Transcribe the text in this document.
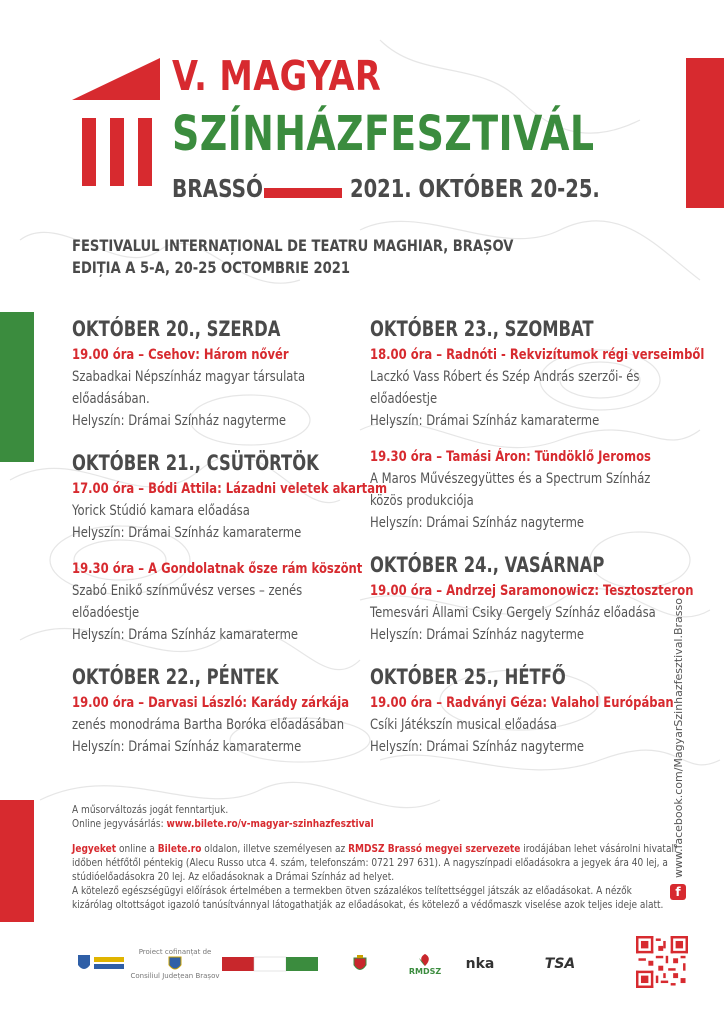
V. MAGYAR
SZÍNHÁZFESZTIVÁL
BRASSÓ	2021. OKTÓBER 20-25.
FESTIVALUL INTERNAȚIONAL DE TEATRU MAGHIAR, BRAȘOV
EDIȚIA A 5-A, 20-25 OCTOMBRIE 2021
OKTÓBER 20., SZERDA
19.00 óra – Csehov: Három nővér
Szabadkai Népszínház magyar társulata
előadásában.
Helyszín: Drámai Színház nagyterme
OKTÓBER 21., CSÜTÖRTÖK
17.00 óra – Bódi Attila: Lázadni veletek akartam
Yorick Stúdió kamara előadása
Helyszín: Drámai Színház kamaraterme
19.30 óra – A Gondolatnak ősze rám köszönt
Szabó Enikő színművész verses – zenés
előadóestje
Helyszín: Dráma Színház kamaraterme
OKTÓBER 22., PÉNTEK
19.00 óra – Darvasi László: Karády zárkája
zenés monodráma Bartha Boróka előadásában
Helyszín: Drámai Színház kamaraterme
OKTÓBER 23., SZOMBAT
18.00 óra – Radnóti - Rekvizítumok régi verseimből
Laczkó Vass Róbert és Szép András szerzői- és
előadóestje
Helyszín: Drámai Színház kamaraterme
19.30 óra – Tamási Áron: Tündöklő Jeromos
A Maros Művészegyüttes és a Spectrum Színház
közös produkciója
Helyszín: Drámai Színház nagyterme
OKTÓBER 24., VASÁRNAP
19.00 óra – Andrzej Saramonowicz: Tesztoszteron
Temesvári Állami Csiky Gergely Színház előadása
Helyszín: Drámai Színház nagyterme
OKTÓBER 25., HÉTFŐ
19.00 óra – Radványi Géza: Valahol Európában
Csíki Játékszín musical előadása
Helyszín: Drámai Színház nagyterme
A műsorváltozás jogát fenntartjuk.
Online jegyvásárlás: www.bilete.ro/v-magyar-szinhazfesztival
Jegyeket online a Bilete.ro oldalon, illetve személyesen az RMDSZ Brassó megyei szervezete irodájában lehet vásárolni hivatali
időben hétfőtől péntekig (Alecu Russo utca 4. szám, telefonszám: 0721 297 631). A nagyszínpadi előadásokra a jegyek ára 40 lej, a
stúdióelőadásokra 20 lej. Az előadásoknak a Drámai Színház ad helyet.
A kötelező egészségügyi előírások értelmében a termekben ötven százalékos telítettséggel játszák az előadásokat. A nézők
kizárólag oltottságot igazoló tanúsítvánnyal látogathatják az előadásokat, és kötelező a védőmaszk viselése azok teljes ideje alatt.
www.facebook.com/MagyarSzinhazfesztival.Brasso
f
Proiect cofinanțat de
Consiliul Județean Brașov	RMDSZ nka	TSA
